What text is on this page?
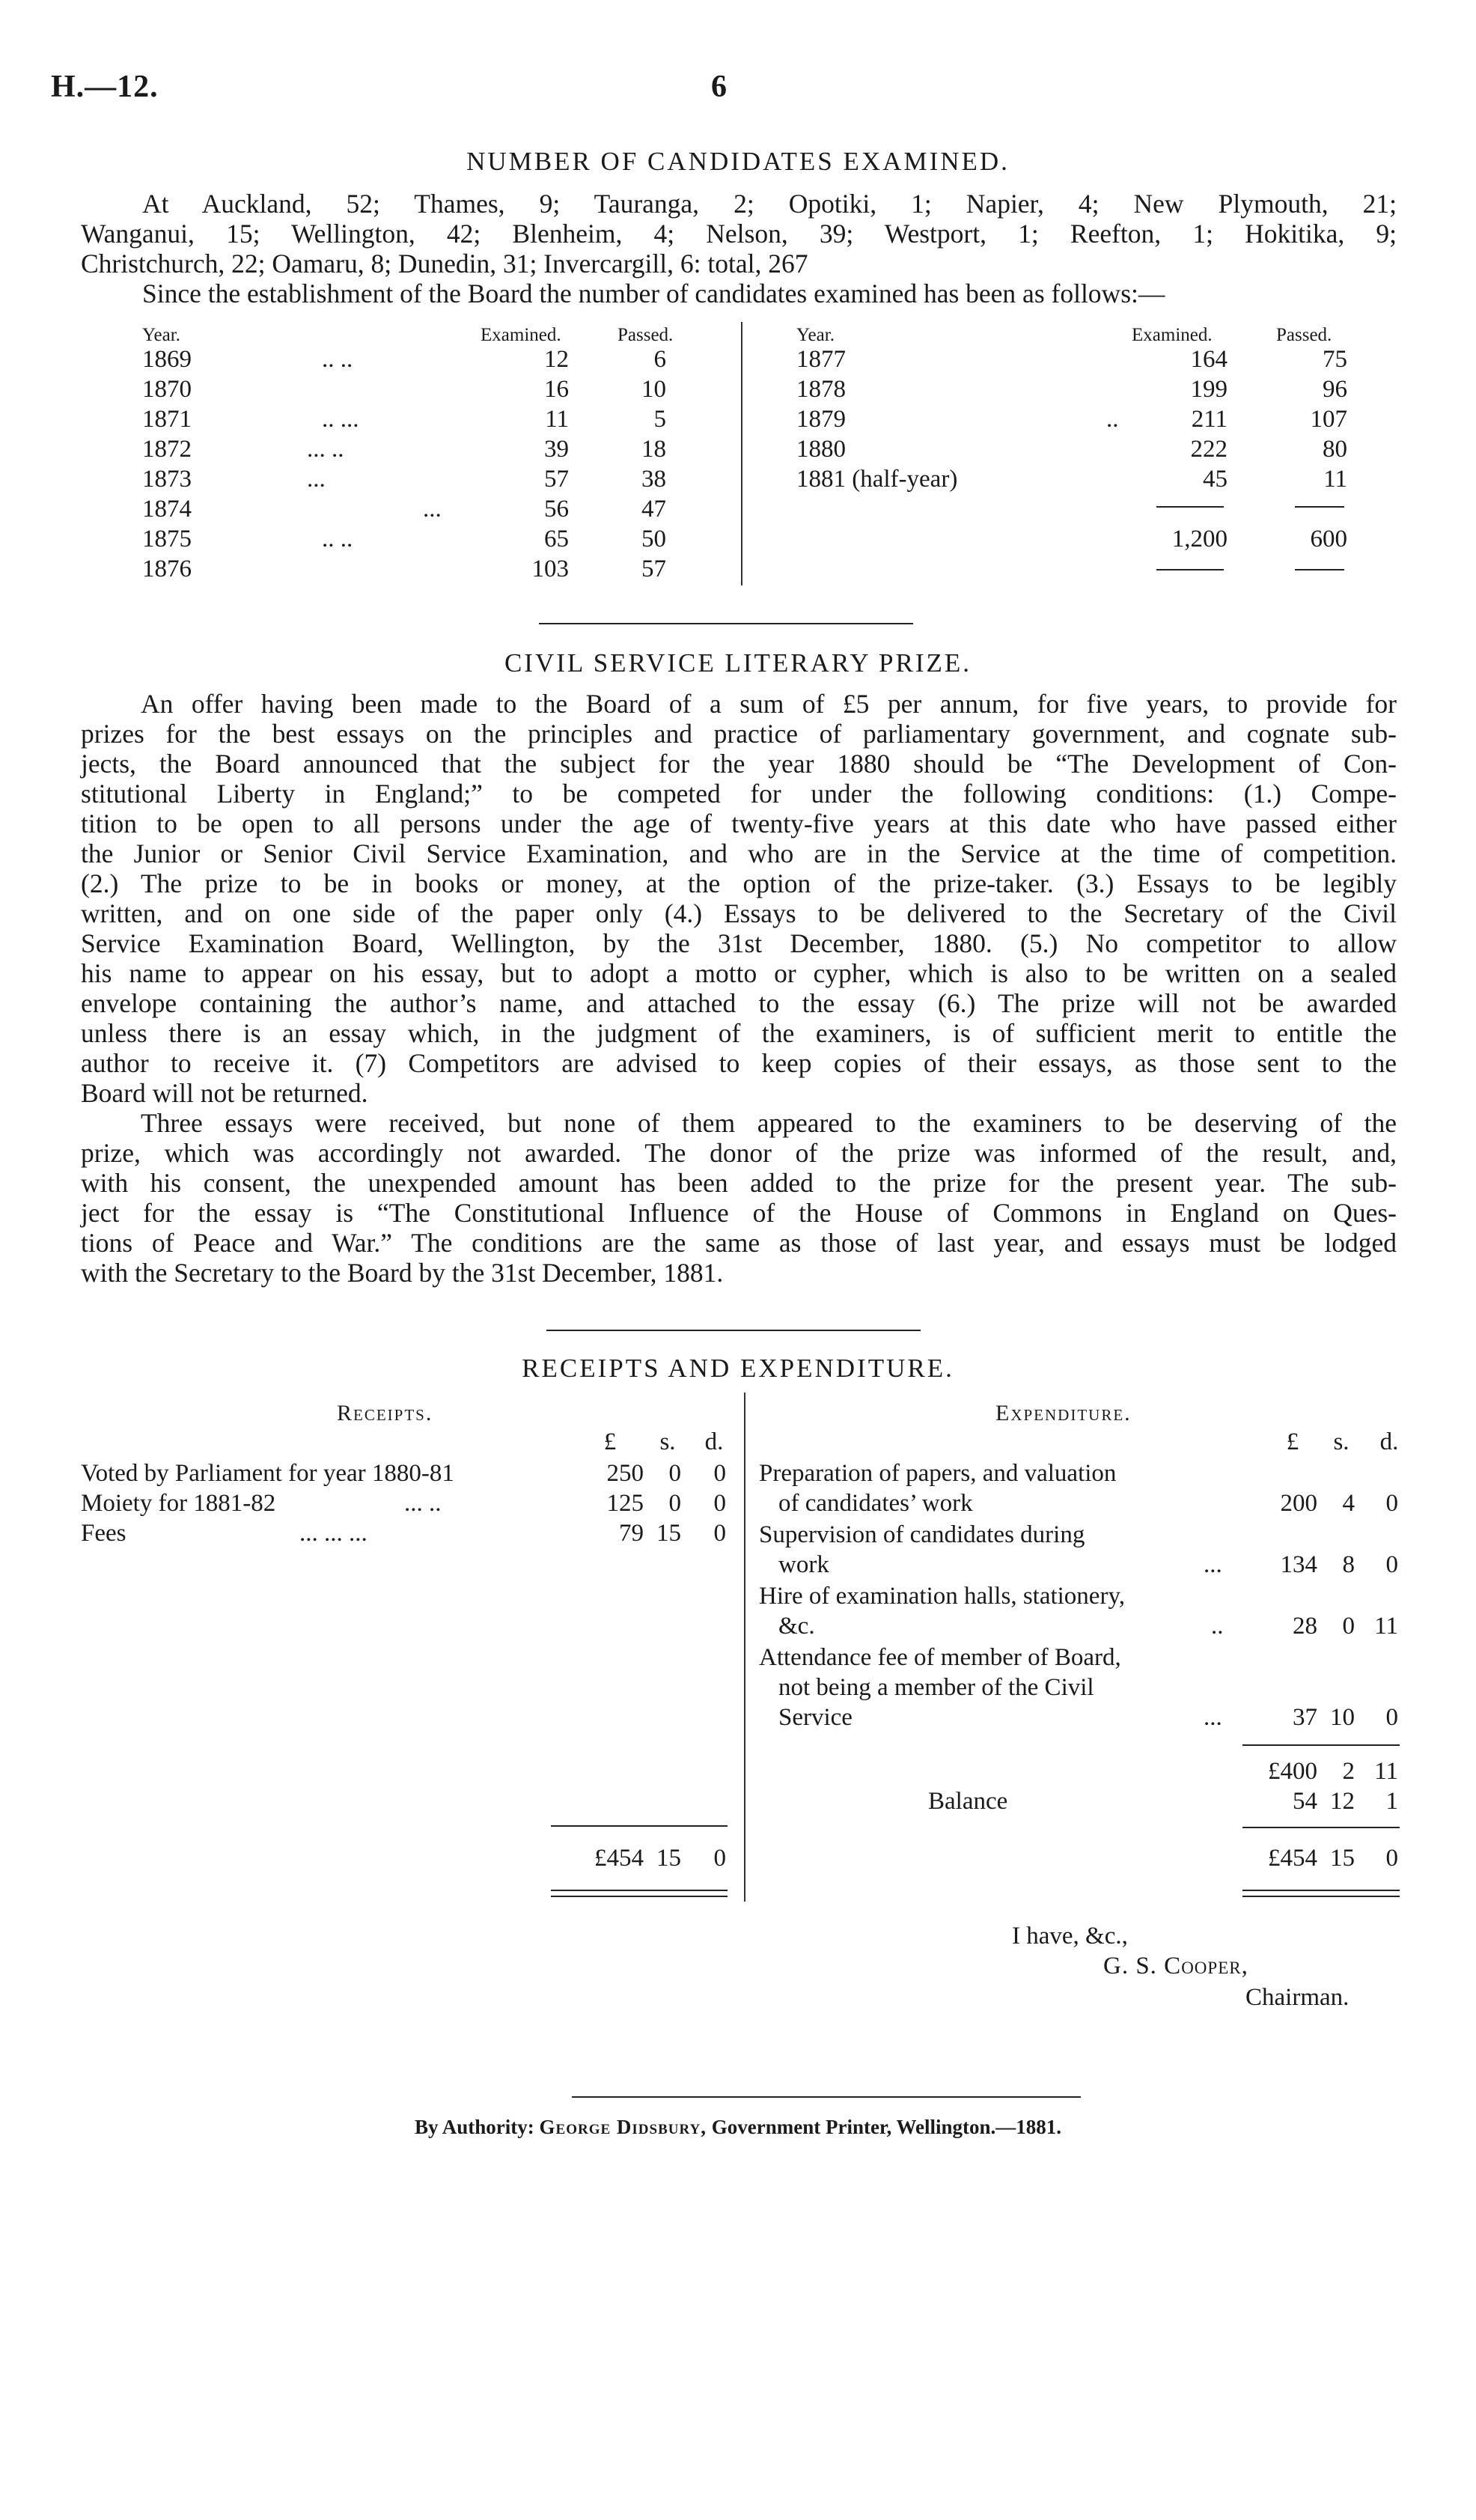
H.—12.	6
NUMBER OF CANDIDATES EXAMINED.
At Auckland, 52; Thames, 9; Tauranga, 2; Opotiki, 1; Napier, 4; New Plymouth, 21;
Wanganui, 15; Wellington, 42; Blenheim, 4; Nelson, 39; Westport, 1; Reefton, 1; Hokitika, 9;
Christchurch, 22; Oamaru, 8; Dunedin, 31; Invercargill, 6: total, 267
Since the establishment of the Board the number of candidates examined has been as follows:—
Year.	Examined.	Passed.	Year.	Examined.	Passed.
1869	.. ..	12	6
1870	16	10
1871	.. ...	11	5
1872	... ..	39	18
1873	...	57	38
1874	...	56	47
1875	.. ..	65	50
1876	103	57
1877	164	75
1878	199	96
1879	..	211	107
1880	222	80
1881 (half-year)	45	11
1,200	600
CIVIL SERVICE LITERARY PRIZE.
An offer having been made to the Board of a sum of £5 per annum, for five years, to provide for
prizes for the best essays on the principles and practice of parliamentary government, and cognate sub-
jects, the Board announced that the subject for the year 1880 should be “The Development of Con-
stitutional Liberty in England;” to be competed for under the following conditions: (1.) Compe-
tition to be open to all persons under the age of twenty-five years at this date who have passed either
the Junior or Senior Civil Service Examination, and who are in the Service at the time of competition.
(2.) The prize to be in books or money, at the option of the prize-taker. (3.) Essays to be legibly
written, and on one side of the paper only (4.) Essays to be delivered to the Secretary of the Civil
Service Examination Board, Wellington, by the 31st December, 1880. (5.) No competitor to allow
his name to appear on his essay, but to adopt a motto or cypher, which is also to be written on a sealed
envelope containing the author’s name, and attached to the essay (6.) The prize will not be awarded
unless there is an essay which, in the judgment of the examiners, is of sufficient merit to entitle the
author to receive it. (7) Competitors are advised to keep copies of their essays, as those sent to the
Board will not be returned.
Three essays were received, but none of them appeared to the examiners to be deserving of the
prize, which was accordingly not awarded. The donor of the prize was informed of the result, and,
with his consent, the unexpended amount has been added to the prize for the present year. The sub-
ject for the essay is “The Constitutional Influence of the House of Commons in England on Ques-
tions of Peace and War.” The conditions are the same as those of last year, and essays must be lodged
with the Secretary to the Board by the 31st December, 1881.
RECEIPTS AND EXPENDITURE.
Receipts.
£ s. d.
Voted by Parliament for year 1880-81	250	0	0
Moiety for 1881-82	... ..	125	0	0
Fees	... ... ...	79 15	0
£454 15	0
Expenditure.
£ s. d.
Preparation of papers, and valuation
of candidates’ work	200	4	0
Supervision of candidates during
work	...	134	8	0
Hire of examination halls, stationery,
&c.	..	28	0 11
Attendance fee of member of Board,
not being a member of the Civil
Service	...	37 10	0
£400	2 11
Balance	54 12	1
£454 15	0
I have, &c.,
G. S. Cooper,
Chairman.
By Authority: George Didsbury, Government Printer, Wellington.—1881.
